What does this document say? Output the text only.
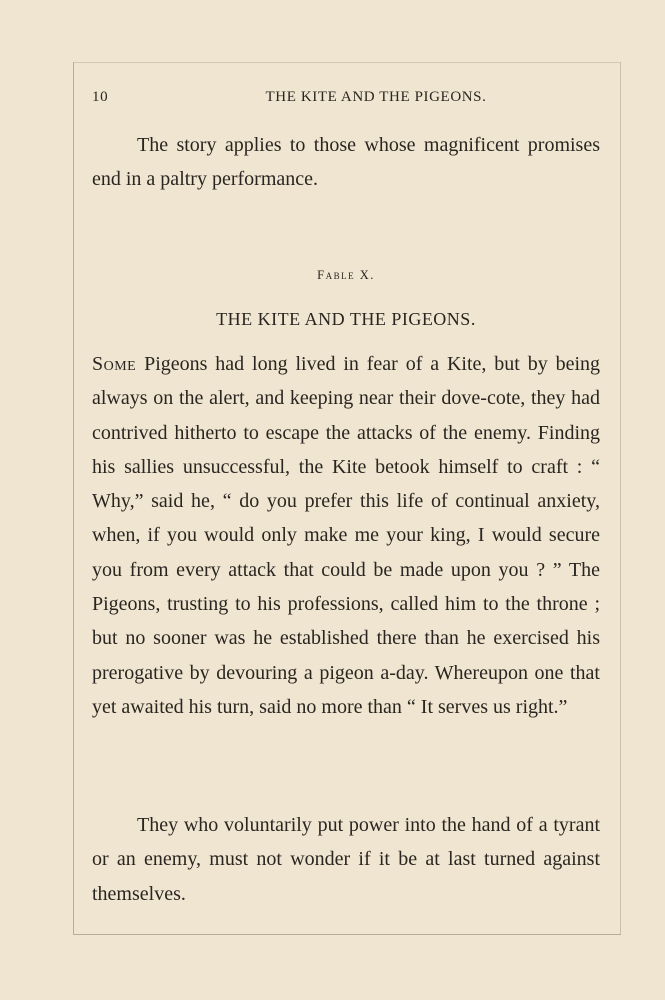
10	THE KITE AND THE PIGEONS.

The story applies to those whose magnificent promises end in a paltry performance.

Fable X.
THE KITE AND THE PIGEONS.

Some Pigeons had long lived in fear of a Kite, but by being always on the alert, and keeping near their dove-cote, they had contrived hitherto to escape the attacks of the enemy. Finding his sallies unsuccessful, the Kite betook himself to craft : “ Why,” said he, “ do you prefer this life of continual anxiety, when, if you would only make me your king, I would secure you from every attack that could be made upon you ? ” The Pigeons, trusting to his professions, called him to the throne ; but no sooner was he established there than he exercised his prerogative by devouring a pigeon a-day. Whereupon one that yet awaited his turn, said no more than “ It serves us right.”

They who voluntarily put power into the hand of a tyrant or an enemy, must not wonder if it be at last turned against themselves.
